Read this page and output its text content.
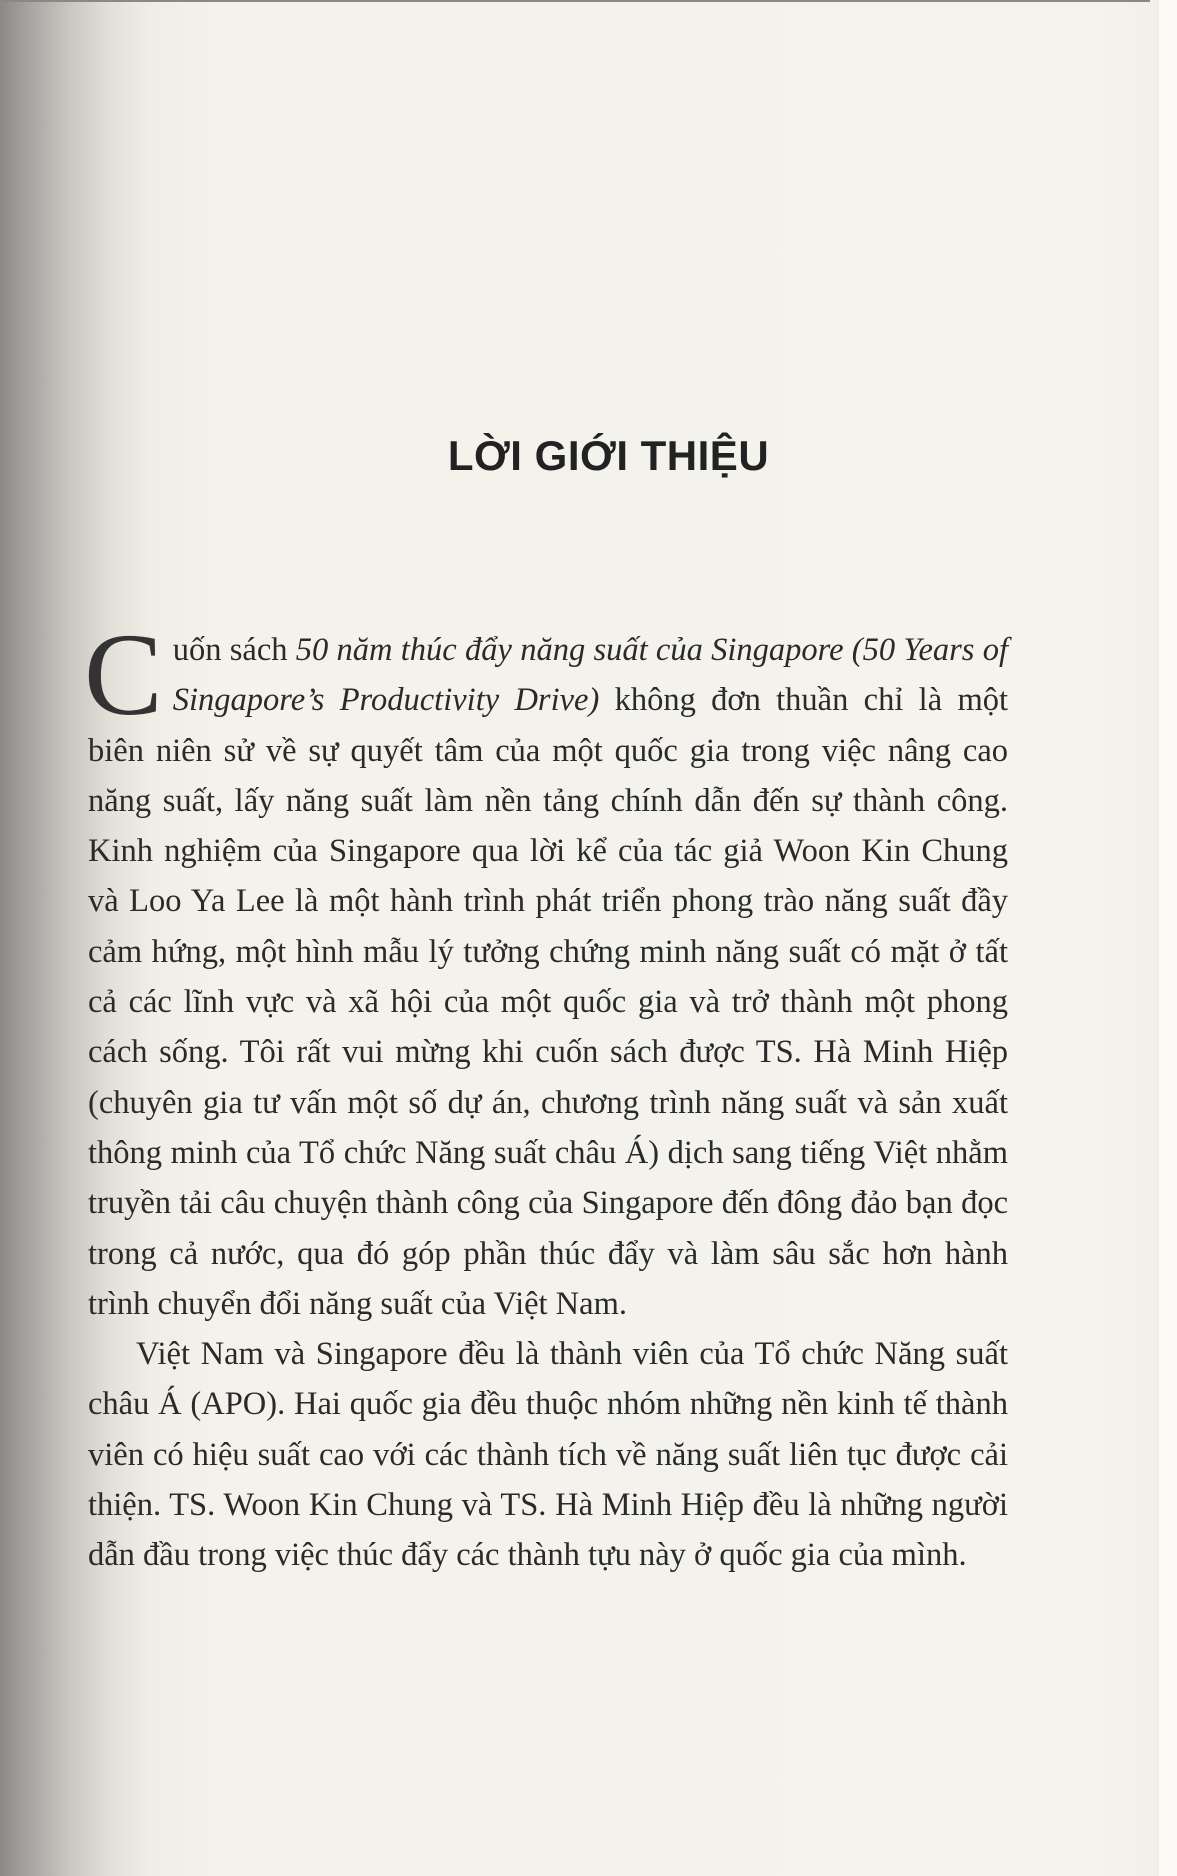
LỜI GIỚI THIỆU

Cuốn sách 50 năm thúc đẩy năng suất của Singapore (50 Years of Singapore’s Productivity Drive) không đơn thuần chỉ là một biên niên sử về sự quyết tâm của một quốc gia trong việc nâng cao năng suất, lấy năng suất làm nền tảng chính dẫn đến sự thành công. Kinh nghiệm của Singapore qua lời kể của tác giả Woon Kin Chung và Loo Ya Lee là một hành trình phát triển phong trào năng suất đầy cảm hứng, một hình mẫu lý tưởng chứng minh năng suất có mặt ở tất cả các lĩnh vực và xã hội của một quốc gia và trở thành một phong cách sống. Tôi rất vui mừng khi cuốn sách được TS. Hà Minh Hiệp (chuyên gia tư vấn một số dự án, chương trình năng suất và sản xuất thông minh của Tổ chức Năng suất châu Á) dịch sang tiếng Việt nhằm truyền tải câu chuyện thành công của Singapore đến đông đảo bạn đọc trong cả nước, qua đó góp phần thúc đẩy và làm sâu sắc hơn hành trình chuyển đổi năng suất của Việt Nam.

Việt Nam và Singapore đều là thành viên của Tổ chức Năng suất châu Á (APO). Hai quốc gia đều thuộc nhóm những nền kinh tế thành viên có hiệu suất cao với các thành tích về năng suất liên tục được cải thiện. TS. Woon Kin Chung và TS. Hà Minh Hiệp đều là những người dẫn đầu trong việc thúc đẩy các thành tựu này ở quốc gia của mình.
